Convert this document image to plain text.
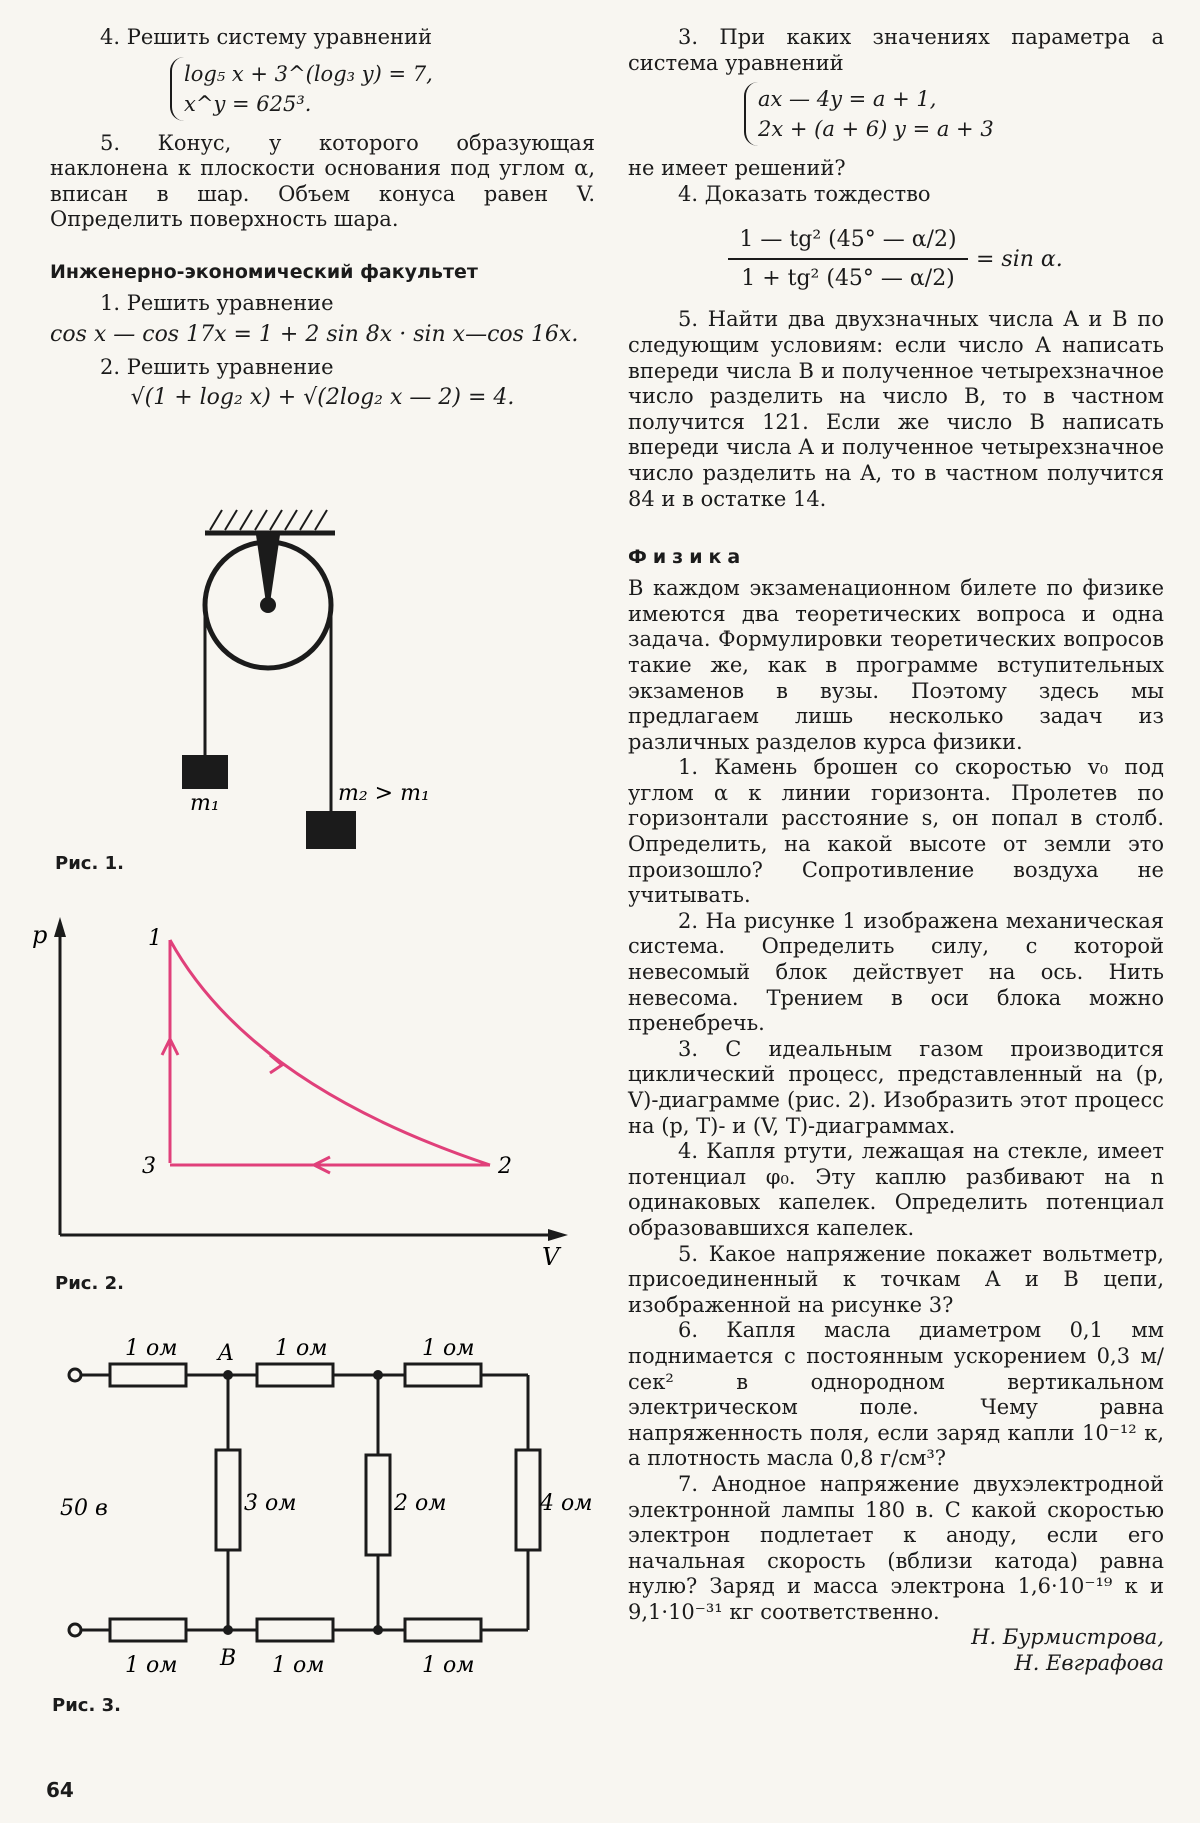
4. Решить систему уравнений

log₅ x + 3^(log₃ y) = 7,
x^y = 625³.

5. Конус, у которого образующая наклонена к плоскости основания под углом α, вписан в шар. Объем конуса равен V. Определить поверхность шара.

Инженерно-экономический факультет

1. Решить уравнение

cos x — cos 17x = 1 + 2 sin 8x · sin x—cos 16x.

2. Решить уравнение

√(1 + log₂ x) + √(2log₂ x — 2) = 4.

m₁	m₂ > m₁
Рис. 1.
p
V
1
2
3
Рис. 2.
1 ом	1 ом	1 ом
1 ом	1 ом	1 ом
3 ом	2 ом	4 ом
50 в
A
B
Рис. 3.

3. При каких значениях параметра a система уравнений

ax — 4y = a + 1,
2x + (a + 6) y = a + 3

не имеет решений?

4. Доказать тождество

$\frac{\text{1 — tg² (45° — α/2)}}{\text{1 + tg² (45° — α/2)}} = \sin \alpha$.

5. Найти два двухзначных числа A и B по следующим условиям: если число A написать впереди числа B и полученное четырехзначное число разделить на число B, то в частном получится 121. Если же число B написать впереди числа A и полученное четырехзначное число разделить на A, то в частном получится 84 и в остатке 14.

Физика

В каждом экзаменационном билете по физике имеются два теоретических вопроса и одна задача. Формулировки теоретических вопросов такие же, как в программе вступительных экзаменов в вузы. Поэтому здесь мы предлагаем лишь несколько задач из различных разделов курса физики.

1. Камень брошен со скоростью v₀ под углом α к линии горизонта. Пролетев по горизонтали расстояние s, он попал в столб. Определить, на какой высоте от земли это произошло? Сопротивление воздуха не учитывать.

2. На рисунке 1 изображена механическая система. Определить силу, с которой невесомый блок действует на ось. Нить невесома. Трением в оси блока можно пренебречь.

3. С идеальным газом производится циклический процесс, представленный на (p, V)-диаграмме (рис. 2). Изобразить этот процесс на (p, T)- и (V, T)-диаграммах.

4. Капля ртути, лежащая на стекле, имеет потенциал φ₀. Эту каплю разбивают на n одинаковых капелек. Определить потенциал образовавшихся капелек.

5. Какое напряжение покажет вольтметр, присоединенный к точкам A и B цепи, изображенной на рисунке 3?

6. Капля масла диаметром 0,1 мм поднимается с постоянным ускорением 0,3 м/сек² в однородном вертикальном электрическом поле. Чему равна напряженность поля, если заряд капли 10⁻¹² к, а плотность масла 0,8 г/см³?

7. Анодное напряжение двухэлектродной электронной лампы 180 в. С какой скоростью электрон подлетает к аноду, если его начальная скорость (вблизи катода) равна нулю? Заряд и масса электрона 1,6·10⁻¹⁹ к и 9,1·10⁻³¹ кг соответственно.

Н. Бурмистрова,

Н. Евграфова

64
